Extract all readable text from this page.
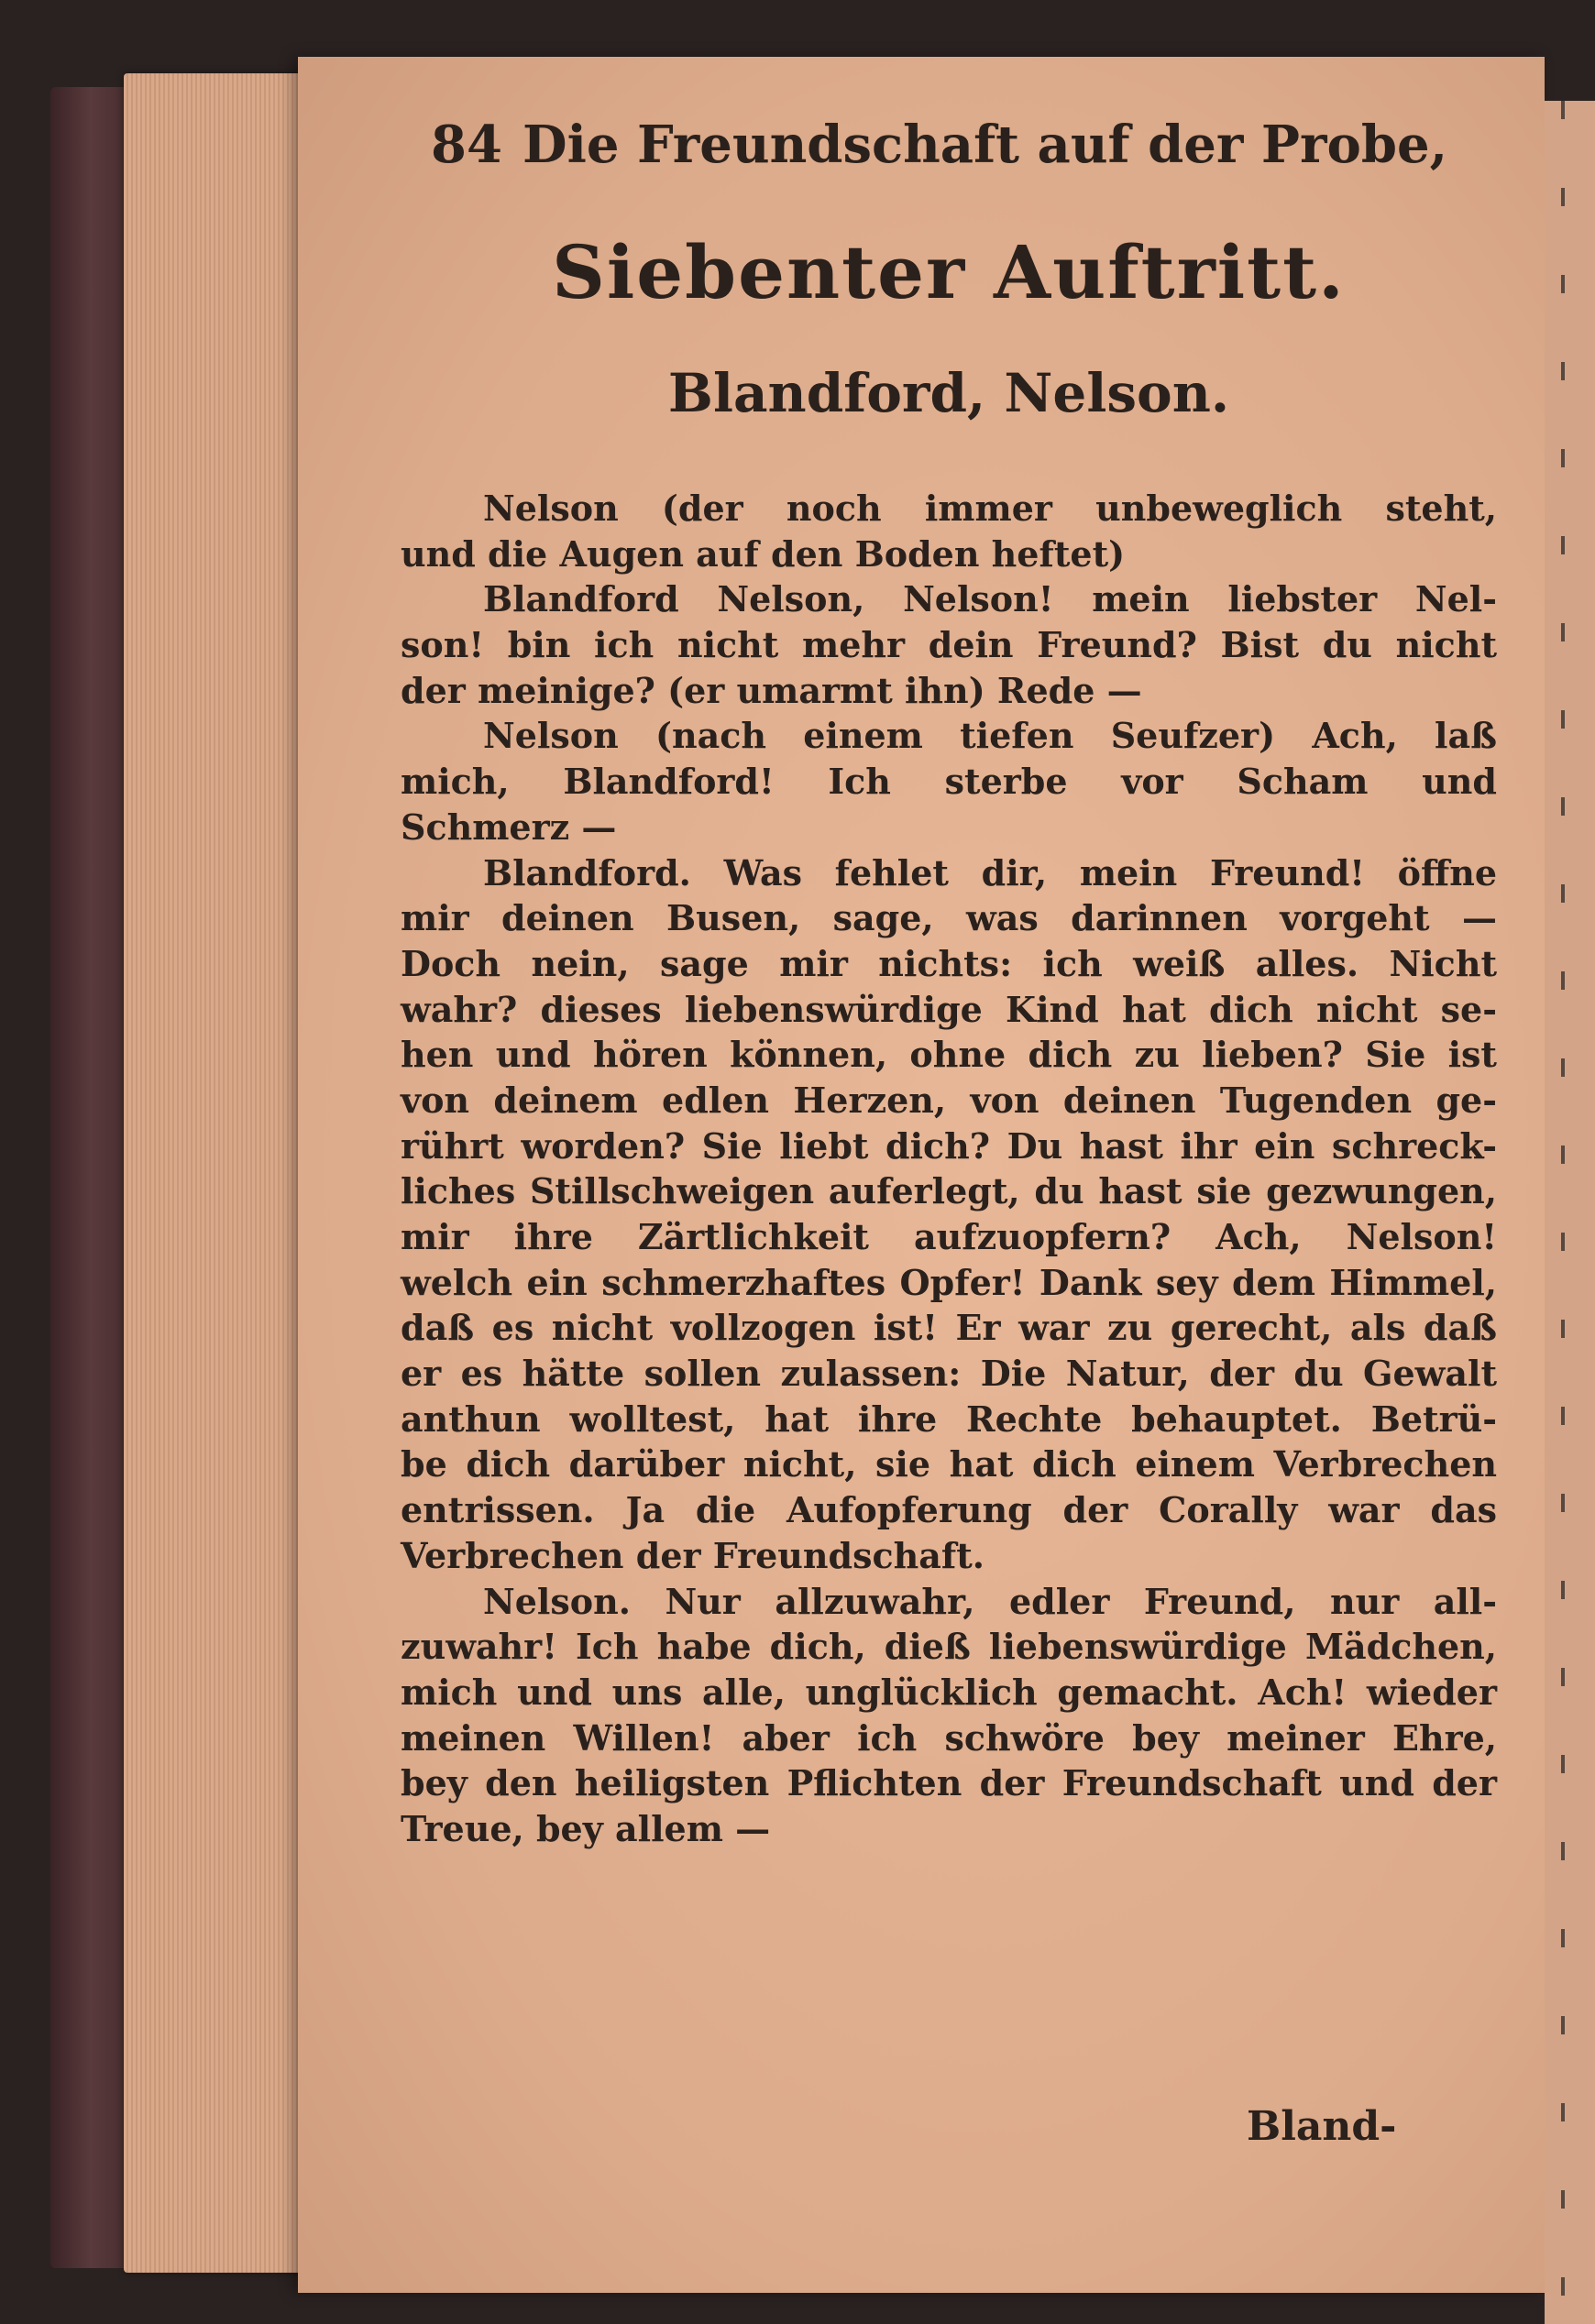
84 Die Freundschaft auf der Probe,
Siebenter Auftritt.
Blandford, Nelson.
Nelson (der noch immer unbeweglich steht,
und die Augen auf den Boden heftet)
Blandford Nelson, Nelson! mein liebster Nel-
son! bin ich nicht mehr dein Freund? Bist du nicht
der meinige? (er umarmt ihn) Rede —
Nelson (nach einem tiefen Seufzer) Ach, laß
mich, Blandford! Ich sterbe vor Scham und
Schmerz —
Blandford. Was fehlet dir, mein Freund! öffne
mir deinen Busen, sage, was darinnen vorgeht —
Doch nein, sage mir nichts: ich weiß alles. Nicht
wahr? dieses liebenswürdige Kind hat dich nicht se-
hen und hören können, ohne dich zu lieben? Sie ist
von deinem edlen Herzen, von deinen Tugenden ge-
rührt worden? Sie liebt dich? Du hast ihr ein schreck-
liches Stillschweigen auferlegt, du hast sie gezwungen,
mir ihre Zärtlichkeit aufzuopfern? Ach, Nelson!
welch ein schmerzhaftes Opfer! Dank sey dem Himmel,
daß es nicht vollzogen ist! Er war zu gerecht, als daß
er es hätte sollen zulassen: Die Natur, der du Gewalt
anthun wolltest, hat ihre Rechte behauptet. Betrü-
be dich darüber nicht, sie hat dich einem Verbrechen
entrissen. Ja die Aufopferung der Corally war das
Verbrechen der Freundschaft.
Nelson. Nur allzuwahr, edler Freund, nur all-
zuwahr! Ich habe dich, dieß liebenswürdige Mädchen,
mich und uns alle, unglücklich gemacht. Ach! wieder
meinen Willen! aber ich schwöre bey meiner Ehre,
bey den heiligsten Pflichten der Freundschaft und der
Treue, bey allem —
Bland-
